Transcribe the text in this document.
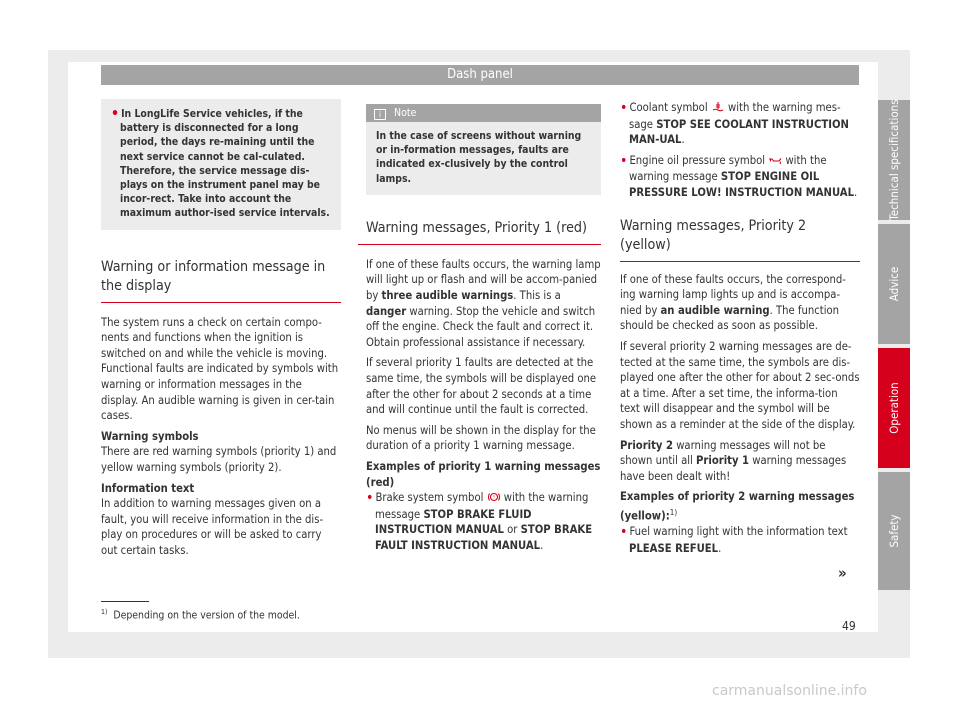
Dash panel
• In LongLife Service vehicles, if the battery is disconnected for a long period, the days re-maining until the next service cannot be cal-culated. Therefore, the service message dis-plays on the instrument panel may be incor-rect. Take into account the maximum author-ised service intervals.
Warning or information message in the display

The system runs a check on certain compo-nents and functions when the ignition is switched on and while the vehicle is moving. Functional faults are indicated by symbols with warning or information messages in the display. An audible warning is given in cer-tain cases.

Warning symbols

There are red warning symbols (priority 1) and yellow warning symbols (priority 2).

Information text

In addition to warning messages given on a fault, you will receive information in the dis-play on procedures or will be asked to carry out certain tasks.

i Note
In the case of screens without warning or in-formation messages, faults are indicated ex-clusively by the control lamps.
Warning messages, Priority 1 (red)

If one of these faults occurs, the warning lamp will light up or flash and will be accom-panied by three audible warnings. This is a danger warning. Stop the vehicle and switch off the engine. Check the fault and correct it. Obtain professional assistance if necessary.

If several priority 1 faults are detected at the same time, the symbols will be displayed one after the other for about 2 seconds at a time and will continue until the fault is corrected.

No menus will be shown in the display for the duration of a priority 1 warning message.

Examples of priority 1 warning messages (red)

• Brake system symbol ! with the warning message STOP BRAKE FLUID INSTRUCTION MANUAL or STOP BRAKE FAULT INSTRUCTION MANUAL.

• Coolant symbol  with the warning mes-sage STOP SEE COOLANT INSTRUCTION MAN-UAL.

• Engine oil pressure symbol  with the warning message STOP ENGINE OIL PRESSURE LOW! INSTRUCTION MANUAL.

Warning messages, Priority 2 (yellow)

If one of these faults occurs, the correspond-ing warning lamp lights up and is accompa-nied by an audible warning. The function should be checked as soon as possible.

If several priority 2 warning messages are de-tected at the same time, the symbols are dis-played one after the other for about 2 sec-onds at a time. After a set time, the informa-tion text will disappear and the symbol will be shown as a reminder at the side of the display.

Priority 2 warning messages will not be shown until all Priority 1 warning messages have been dealt with!

Examples of priority 2 warning messages (yellow):$^{1)}$

• Fuel warning light with the information text PLEASE REFUEL.

»
Technical specifications
Advice
Operation
Safety
$^{1)}$ Depending on the version of the model.
49
carmanualsonline.info
